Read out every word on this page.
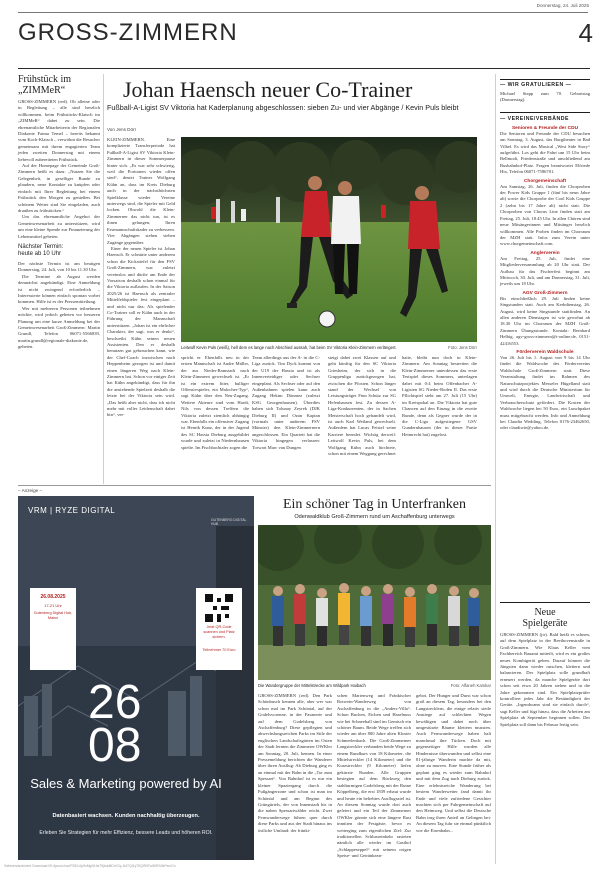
Donnerstag, 24. Juli 2025
GROSS-ZIMMERN	4
Frühstück im „ZIMMeR“

GROSS-ZIMMERN (red). Ob alleine oder in Begleitung – alle sind herzlich willkommen, beim Frühstücks-Klatsch im „ZIMMeR“ dabei zu sein. Die ehrenamtliche Mitarbeiterin der Regionalen Diakonie Fatma Temel – bereits bekannt vom Koch-Klatsch – verwöhnt die Besucher gemeinsam mit ihrem engagierten Team jeden zweiten Donnerstag mit einem liebevoll zubereiteten Frühstück.

Auf der Homepage der Gemeinde Groß-Zimmern heißt es dazu: „Nutzen Sie die Gelegenheit, in geselliger Runde zu plaudern, neue Kontakte zu knüpfen oder einfach mit Ihrer Begleitung bei einem Frühstück den Morgen zu genießen. Bei schönem Wetter sind Sie eingeladen, auch draußen zu frühstücken.“

Um das ehrenamtliche Angebot der Gemeinwesenarbeit zu unterstützen, wird um eine kleine Spende zur Finanzierung der Lebensmittel gebeten.

Nächster Termin:
heute ab 10 Uhr

Der nächste Termin ist am heutigen Donnerstag, 24. Juli, von 10 bis 11.30 Uhr.

Die Termine ab August werden demnächst angekündigt. Eine Anmeldung ist nicht zwingend erforderlich – Interessierte können einfach spontan vorbei kommen. Hilfe ist es der Pressemitteilung.

Wer mit mehreren Personen teilnehmen möchte, wird jedoch gebeten vor besseren Planung um eine kurze Anmeldung bei der Gemeinwesenarbeit Groß-Zimmern: Martin Grundl, Telefon 06071-5566839, martin.grundl@regionale-diakonie.de, gebeten.

Johan Haensch neuer Co-Trainer
Fußball-A-Ligist SV Viktoria hat Kaderplanung abgeschlossen: sieben Zu- und vier Abgänge / Kevin Puls bleibt
Von Jens Dörr

KLEIN-ZIMMERN. Eine komplizierte Transferperiode hat Fußball-A-Ligist SV Viktoria Klein-Zimmern in dieser Sommerpause hinter sich. „Es war sehr schwierig, weil die Portionen wieder offen sind“, deutet Trainer Wolfgang Kühn an, dass im Kreis Dieburg auch in der nächsthöchsten Spielklasse wieder Vereine unterwegs sind, die Spieler mit Geld locken. Obwohl die Klein-Zimmerner das nicht tun, ist es ihnen gelungen, Ihren Erstmannschaftskader zu verbessern. Vier Abgängen stehen sieben Zugänge gegenüber.

Einer der neuen Spieler ist Johan Haensch. Er schnürte unter anderem schon die Kickstiefel für den FSV Groß-Zimmern, war zuletzt vereinslos und dürfte am Ende der Vorsaison deshalb schon einmal für die Viktoria auflaufen. In der Saison 2025/26 ist Haensch als zentraler Mittelfeldspieler fest eingeplant – und nicht nur das: Als spielender Co-Trainer soll er Kühn auch in der Führung der Mannschaft unterstützen. „Johan ist ein ehrlicher Charakter, der sagt, was er denkt“, beschreibt Kühn seinen neuen Assistenten. Den er deshalb benutzen gut gebrauchen kann, wie der Chef-Coach inzwischen nach Heppenheim gezogen ist und damit einen längeren Weg nach Klein-Zimmern hat. Schon vor einiger Zeit hat Kühn angekündigt, dass für ihn die anstehende Spielzeit deshalb die letzte bei der Viktoria sein wird. „Das heißt aber nicht, dass ich nicht mehr mit voller Leidenschaft dabei bin“, ver-

Leitwolf Kevin Puls (weiß), hell dem es lange nach Abschied aussah, hat beim SV Viktoria Klein-Zimmern verlängert.	Foto: Jens Dörr

spricht er. Ebenfalls neu in der ersten Mannschaft ist Andre Müller, der aus Nieder-Ramstadt nach Klein-Zimmern gewechselt ist. „Er ist ein extrem fitter, bulliger Offensivspieler, ein Malocher-Typ“, sagt Kühn über den Neu-Zugang. Weitere Akteure sind vom Hardt, Nils von dessen Treffern die Viktoria zuletzt ziemlich abhängig war. Ebenfalls ein offensiver Zugang ist Henrik Kunz, der in der Jugend des SC Hassia Dieburg ausgebildet wurde und zuletzt in Niedernhausen spielte. Im Fischbachtaler zogen die

Team allerdings aus der A- in die C-Liga zurück. Tim Dyck kommt von der U19 der Hassia und ist als Innenverteidiger oder Sechser eingeplant. Als Sechser oder auf den Außenbahnen spielen kann auch Zugang Hekim Dönmez (zuletzt KSG Georgenhausen). Überdies haben sich Tolunay Zeyrek (DJK Dieburg II) und Ozan Kaptan (vormals unter anderem FSV Münster) den Klein-Zimmernern angeschlossen. Ein Quartett hat die Viktoria hingegen verlassen: Torwart Marc van Dungen

steigt dabei zwei Klassen auf und geht künftig für den SC Viktoria Griesheim, der sich in die Gruppenliga zurückgezogen hat, zwischen die Pfosten. Schon länger stand der Wechsel von Leistungsträger Finn Schütz zur SG Hefenhausen fest. Zu dessen A-Liga-Konkurrenten, der in Sachen Meisterschaft hoch gehandelt wird, ist auch Karl Weiland gewechselt. Außerdem hat Lucas Feistel seine Karriere beendet. Wichtig derweil: Leitwolf Kevin Puls, bei dem Wolfgang Kühn auch fürchtete, schon mit einem Weggang gerechnet

hatte, bleibt nun doch in Klein-Zimmern. Am Sonntag bestreiten die Klein-Zimmerner unterdessen das erste Testspiel dieses Sommers, unterlagen dabei mit 0:4 beim Offenbacher A-Ligisten SG Nieder-Roden II. Das erste Pflichtspiel steht am 27. Juli (15 Uhr) im Kreispokal an. Die Viktoria hat gute Chancen auf den Einzug in die zweite Runde, denn als Gegner wurde der in die C-Liga aufgestiegene GSV Gundernhausen (der in dieser Partie Heimrecht hat) zugelost.

— WIR GRATULIEREN —

Michael Stapp zum 70. Geburtstag (Donnerstag).

— VEREINE/VERBÄNDE
Senioren & Freunde der CDU

Die Senioren und Freunde der CDU besuchen am Sonntag, 3. August, das Burgtheater in Bad Vilbel. Es wird das Musical „West Side Story“ aufgeführt. Los geht die Fahrt um 15 Uhr beim Bellmodi, Friedenstraße und anschließend am Busbahnhof-Platz. Fragen beantwortet Elfriede Hix, Telefon 06071-7586701.

Chorgemeinschaft

Am Samstag, 26. Juli, finden die Chorproben der Power Kids Gruppe 1 (fünf bis neun Jahre alt) sowie die Chorprobe der Cool Kids Gruppe 2 (zehn bis 17 Jahre alt) nicht statt. Die Chorproben von Chorus Line finden statt am Freitag, 25. Juli, 18.45 Uhr. In allen Chören sind neue Mitsängerinnen und Mitsänger herzlich willkommen. Alle Proben finden im Chorraum der MZH statt. Infos zum Verein unter www.chorgemeinschaft.com.

Anglerverein

Am Freitag, 25. Juli, findet eine Mitgliederversammlung ab 20 Uhr statt. Der Aufbau für das Fischerfest beginnt am Mittwoch, 30. Juli, und am Donnerstag, 31. Juli, jeweils um 18 Uhr.

AGV Groß-Zimmern

Bis einschließlich 29. Juli finden keine Singstunden statt. Auch am Kerbdienstag, 26. August, wird keine Singstunde stattfinden. An allen anderen Dienstagen ist wie gewohnt ab 18.30 Uhr im Chorraum der MZH Groß-Zimmern Übungsstunde. Kontakt: Bernhard Helbig, agv-gross-zimmern@t-online.de, 0151-42416553.

Förderverein Waldschule

Von 26. Juli bis 1. August von 9 bis 14 Uhr findet die Waldwoche des Fördervereins Waldschule Groß-Zimmern statt. Diese Veranstaltung findet im Rahmen des Naturschutzprojektes Messeler Hügelland statt und wird durch die Deutsche Ministerium für Umwelt, Energie, Landwirtschaft und Verbraucherschutz gefördert. Die Kosten der Waldwoche liegen bei 50 Euro, ein Lunchpaket muss mitgebracht werden. Info und Anmeldung bei Claudia Wedding, Telefon 0176-23462650, oder claudiwie@yahoo.de.

Neue Spielgeräte

GROSS-ZIMMERN (jtr). Bald heißt es schnen, auf dem Spielplatz in der Beethovenstraße in Groß-Zimmern. Wie Klaus Keller vom Fachbereich Bauamt mitteilt, wird es ein großes neues Kombigerät geben. Darauf können die Jüngsten dann wieder rutschen, klettern und balancieren. Der Spielplatz solle grundhaft erneuert werden, da manche Spielgeräte dort schon seit etwa 20 Jahren stehen und in die Jahre gekommen sind. Ein Spielplatzprüfer kontrolliert jedes Jahr die Beständigkeit der Geräte. „Irgendwann sind sie einfach durch“, sagt Keller und fügt hinzu, dass die Arbeiten am Spielplatz ab September beginnen sollen. Der Spielplatz soll dann bis Februar fertig sein.

– Anzeige –
VRM | RYZE DIGITAL
GUTENBERG DIGITAL HUB
26.08.2025
17-21 Uhr
Gutenberg Digital Hub, Mainz
Jetzt QR-Code scannen und Platz sichern.
Teilnehmer 70 Euro
26
08
Sales & Marketing powered by AI
Datenbasiert wachsen. Kunden nachhaltig überzeugen.
Erleben Sie Strategien für mehr Effizienz, bessere Leads und höheren ROI.
Ein schöner Tag in Unterfranken
Odenwaldklub Groß-Zimmern rund um Aschaffenburg unterwegs
Die Wandergruppe der Mittelstrecke am Wildpark Haibach	Foto: Alfaneh Kamkar

GROSS-ZIMMERN (red). Den Park Schönbusch kennen alle, aber wer war schon mal im Park Schöntal, auf der Godelsvorenne, in der Fasanerie und auf dem Godelsberg von Aschaffenburg? Diese gepflegten und abwechslungsreichen Parks im Stile der englischen Landschaftsgärten im Osten der Stadt lernten die Zimmerer OWKler am Sonntag, 20. Juli, kennen. In einer Pressemeldung berichten die Wanderer über ihren Ausflug: Ab Dieburg ging es an einmal mit der Bahn in die „Tor zum Spessart“. Von Bahnhof ist es nur ein kleiner Spaziergang durch die Fußgängerzone und schon ist man im Schöntal und am Beginn des Grüngürtels, der von Innenstadt bis in die nahen Spessartwälder reicht. Zwei Fernwanderwege führen quer durch diese Parks und aus der Stadt hinaus ins östliche Umland: der frünki-

schen Marienweg und Fränkischer Rotwein-Wanderweg von Aschaffenburg in die „Anders-Villa“. Schon Buchen, Eichen und Haselnuss wie bei Schneeball sind im Gemisch ein schöner Baum. Beide Wege treffen sich wieder am über 800 Jahre alten Kloster Schmerlenbach. Die Groß-Zimmerner Langstreckler verbanden beide Wege zu einem Rundkurs von 18 Kilometer, die Mittelstreckler (14 Kilometer) und die Kurzstreckler (9 Kilometer) liefen gekürzte Runden. Alle Gruppen besiegten auf dem Rückweg den stahlturmigen Godelsberg mit der Ruine Köppelberg, die erst 1839 erbaut wurde und heute ein beliebtes Ausflugsziel ist. An diesem Sonntag wurde dort auch gefeiert und ein Teil der Zimmerner OWKler gönnte sich eine längere Rast inmitten der Festgäste, bevor es weiterging zum eigentlichen Ziel: Zur traditionellen Schlusseinkehr rasteten nämlich alle wieder im Gasthof „Schlappeseppel“ mit seinem origen Speise- und Getränkean-

gebot. Der Hunger und Durst war schon groß an diesem Tag, besonders bei den Langstrecklern, die einige relativ steile Anstiege auf schlechten Wegen bewältigen und dabei noch über umgestürzte Bäume klettern mussten. Auch Fernwanderwege haben halt manchmal ihre Tücken. Doch mit gegenseitiger Hilfe wurden alle Hindernisse überwunden und selbst eine 81-jährige Wanderin machte da mit, ohne zu murren. Eine Stunde früher als geplant ging es wieder zum Bahnhof und mit dem Zug nach Dieburg zurück. Eine erlebnisreiche Wanderung bei bestem Wanderwetter fand damit ihr Ende und viele zufriedene Gesichter machten sich per Fahrgemeinschaft auf den Heimweg. Und selbst die Deutsche Bahn trug ihren Anteil an Gelingen bei: An diesem Tag fuhr sie einmal pünktlich wie die Eisenbahn...

Gelesen/archiviert Download 09-djvuc/c/ocr/PDDL0p9xMgN1hk79jbdd6DrVGy-DdTQt1y75Q/R0Fw5i5Fk0kPen/Co
